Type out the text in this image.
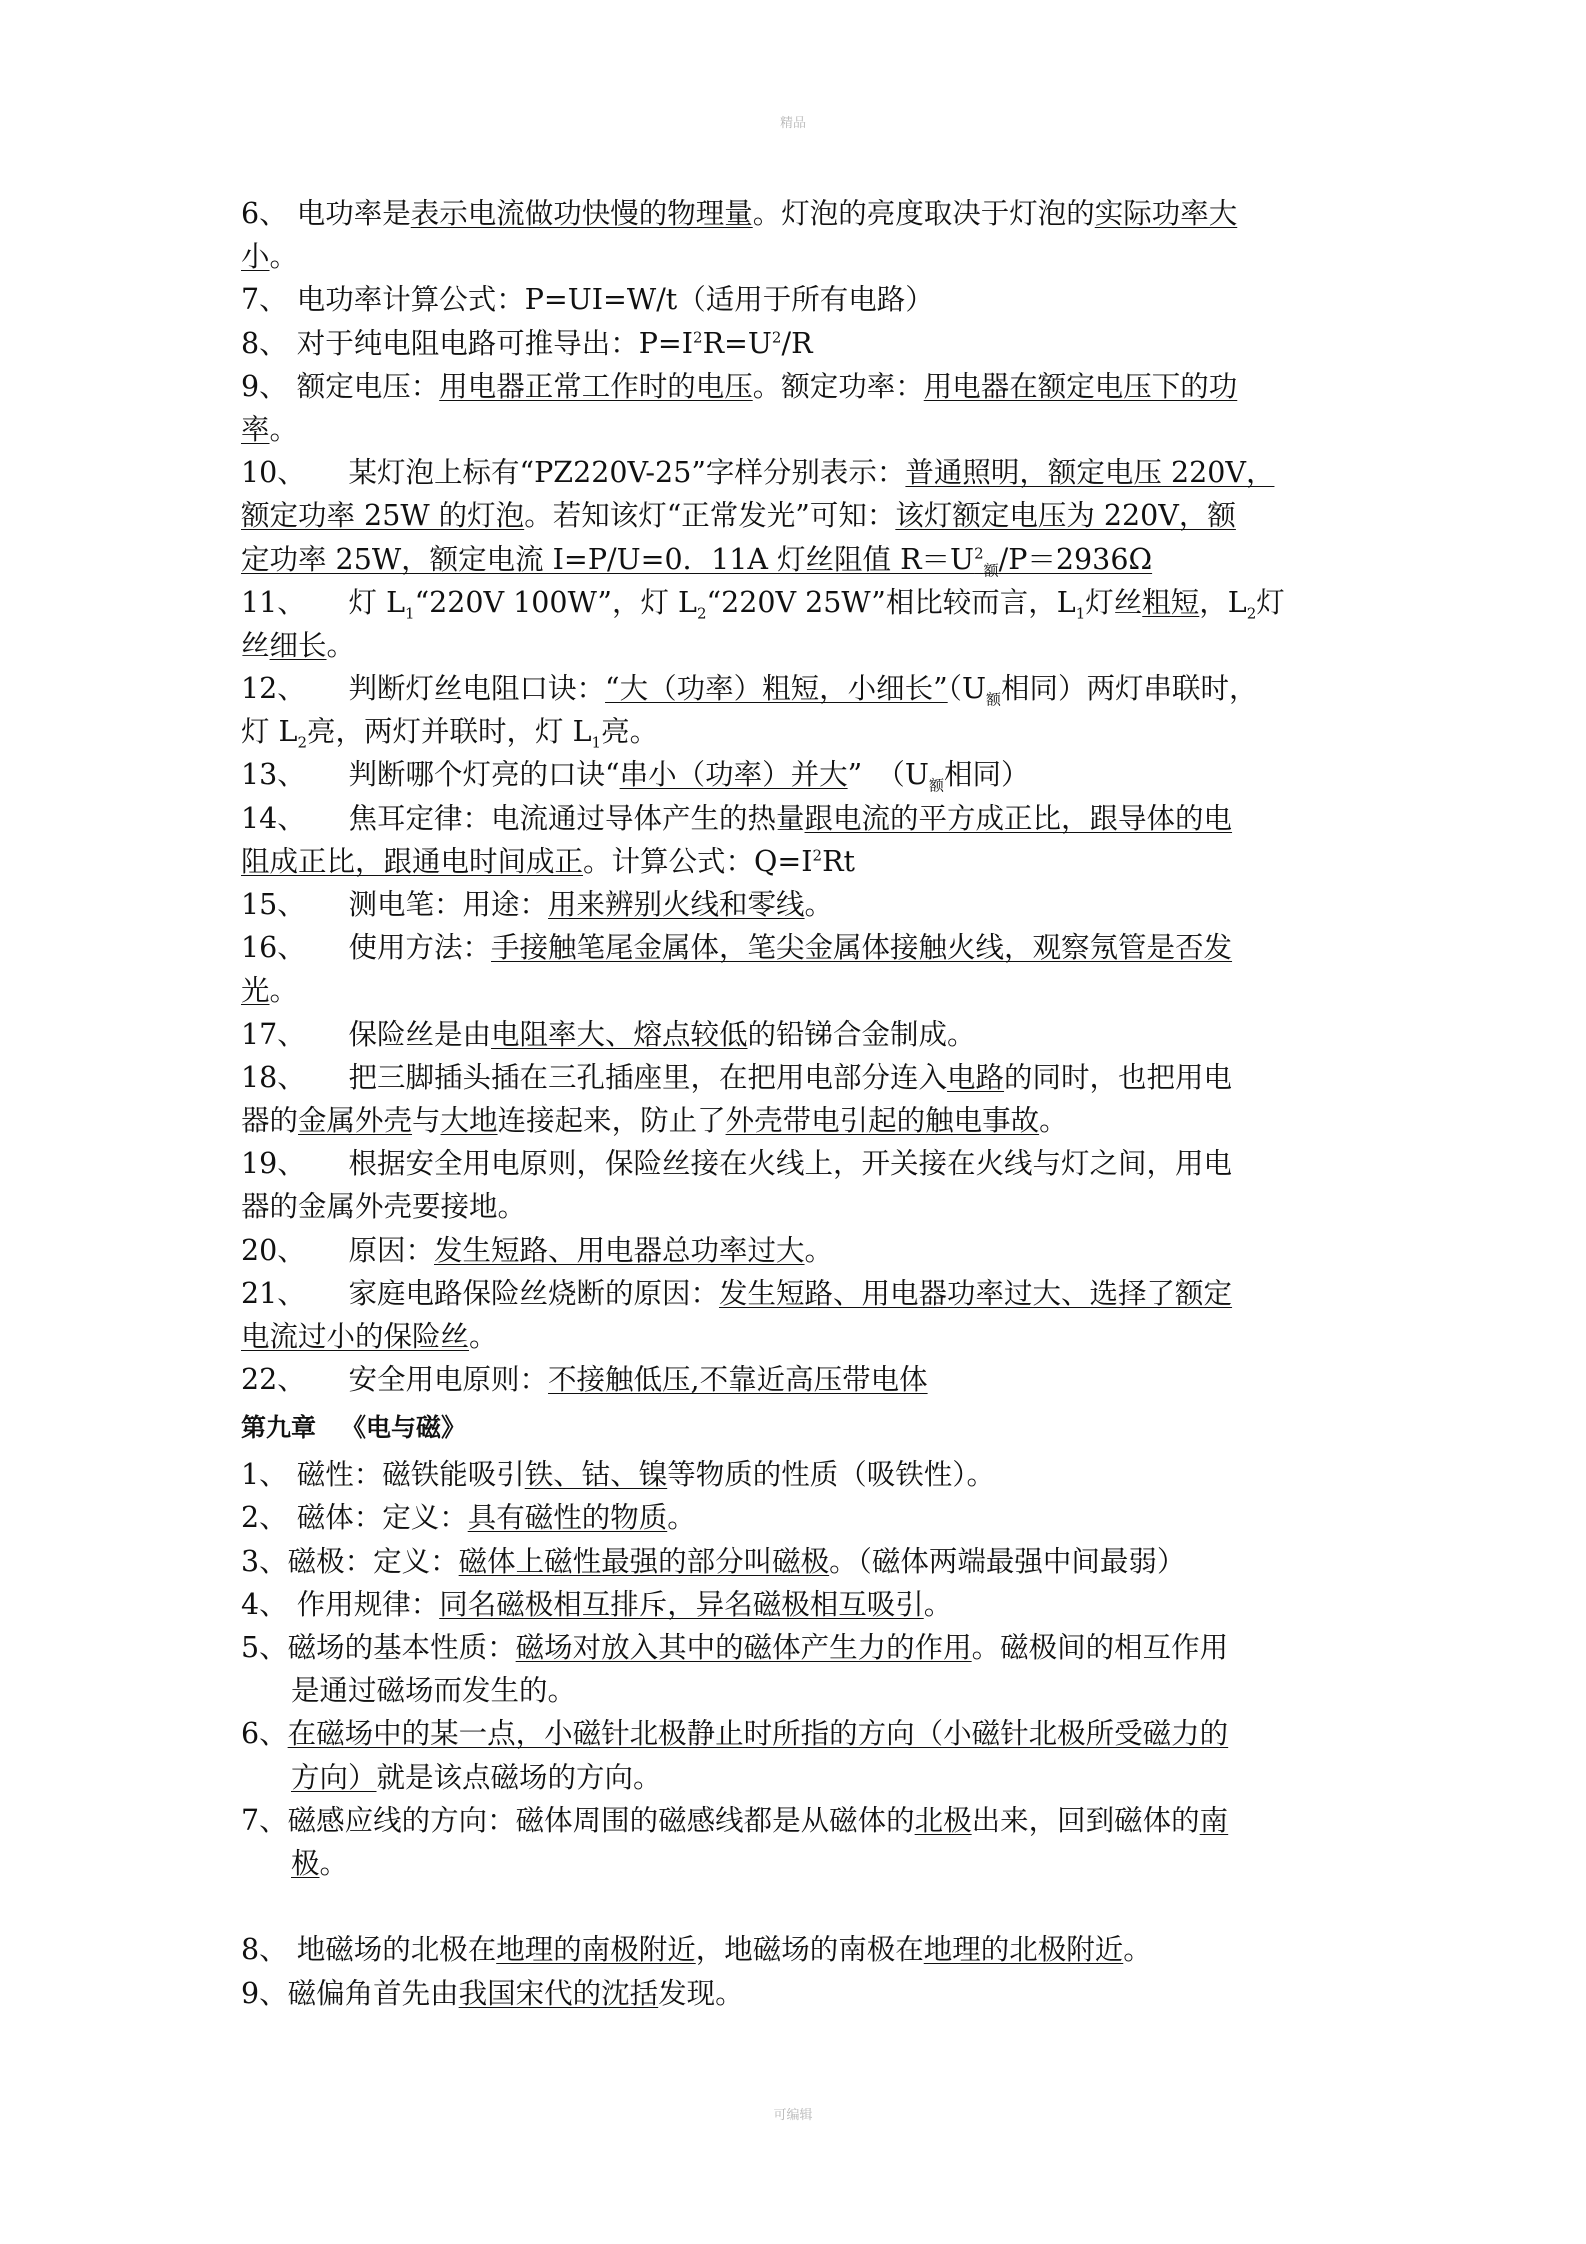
精品
6、 电功率是表示电流做功快慢的物理量。灯泡的亮度取决于灯泡的实际功率大
小。
7、 电功率计算公式：P=UI=W/t（适用于所有电路）
8、 对于纯电阻电路可推导出：$P=I^2R=U^2/R$
9、 额定电压：用电器正常工作时的电压。额定功率：用电器在额定电压下的功
率。
10、　　某灯泡上标有“PZ220V-25”字样分别表示：普通照明，额定电压 220V，
额定功率 25W 的灯泡。若知该灯“正常发光”可知：该灯额定电压为 220V，额
定功率 25W，额定电流 I=P/U=0．11A 灯丝阻值 $R=U^2_额/P=2936\Omega$
11、　　灯 $L_1“220V$ 100W”，灯 $L_2“220V$ 25W”相比较而言，$L_1$灯丝粗短，$L_2$灯
丝细长。
12、　　判断灯丝电阻口诀：“大（功率）粗短，小细长$”(U_额$相同）两灯串联时，
灯 $L_2$亮，两灯并联时，灯 $L_1$亮。
13、　　判断哪个灯亮的口诀“串小（功率）并大”　（$U_额$相同）
14、　　焦耳定律：电流通过导体产生的热量跟电流的平方成正比，跟导体的电
阻成正比，跟通电时间成正。计算公式：$Q=I^2Rt$
15、　　测电笔：用途：用来辨别火线和零线。
16、　　使用方法：手接触笔尾金属体，笔尖金属体接触火线，观察氖管是否发
光。
17、　　保险丝是由电阻率大、熔点较低的铅锑合金制成。
18、　　把三脚插头插在三孔插座里，在把用电部分连入电路的同时，也把用电
器的金属外壳与大地连接起来，防止了外壳带电引起的触电事故。
19、　　根据安全用电原则，保险丝接在火线上，开关接在火线与灯之间，用电
器的金属外壳要接地。
20、　　原因：发生短路、用电器总功率过大。
21、　　家庭电路保险丝烧断的原因：发生短路、用电器功率过大、选择了额定
电流过小的保险丝。
22、　　安全用电原则：不接触低压,不靠近高压带电体
第九章 《电与磁》
1、 磁性：磁铁能吸引铁、钴、镍等物质的性质（吸铁性）。
2、 磁体：定义：具有磁性的物质。
3、磁极：定义：磁体上磁性最强的部分叫磁极。（磁体两端最强中间最弱）
4、 作用规律：同名磁极相互排斥，异名磁极相互吸引。
5、磁场的基本性质：磁场对放入其中的磁体产生力的作用。磁极间的相互作用
是通过磁场而发生的。
6、在磁场中的某一点，小磁针北极静止时所指的方向（小磁针北极所受磁力的
方向）就是该点磁场的方向。
7、磁感应线的方向：磁体周围的磁感线都是从磁体的北极出来，回到磁体的南
极。
8、 地磁场的北极在地理的南极附近，地磁场的南极在地理的北极附近。
9、磁偏角首先由我国宋代的沈括发现。
可编辑
